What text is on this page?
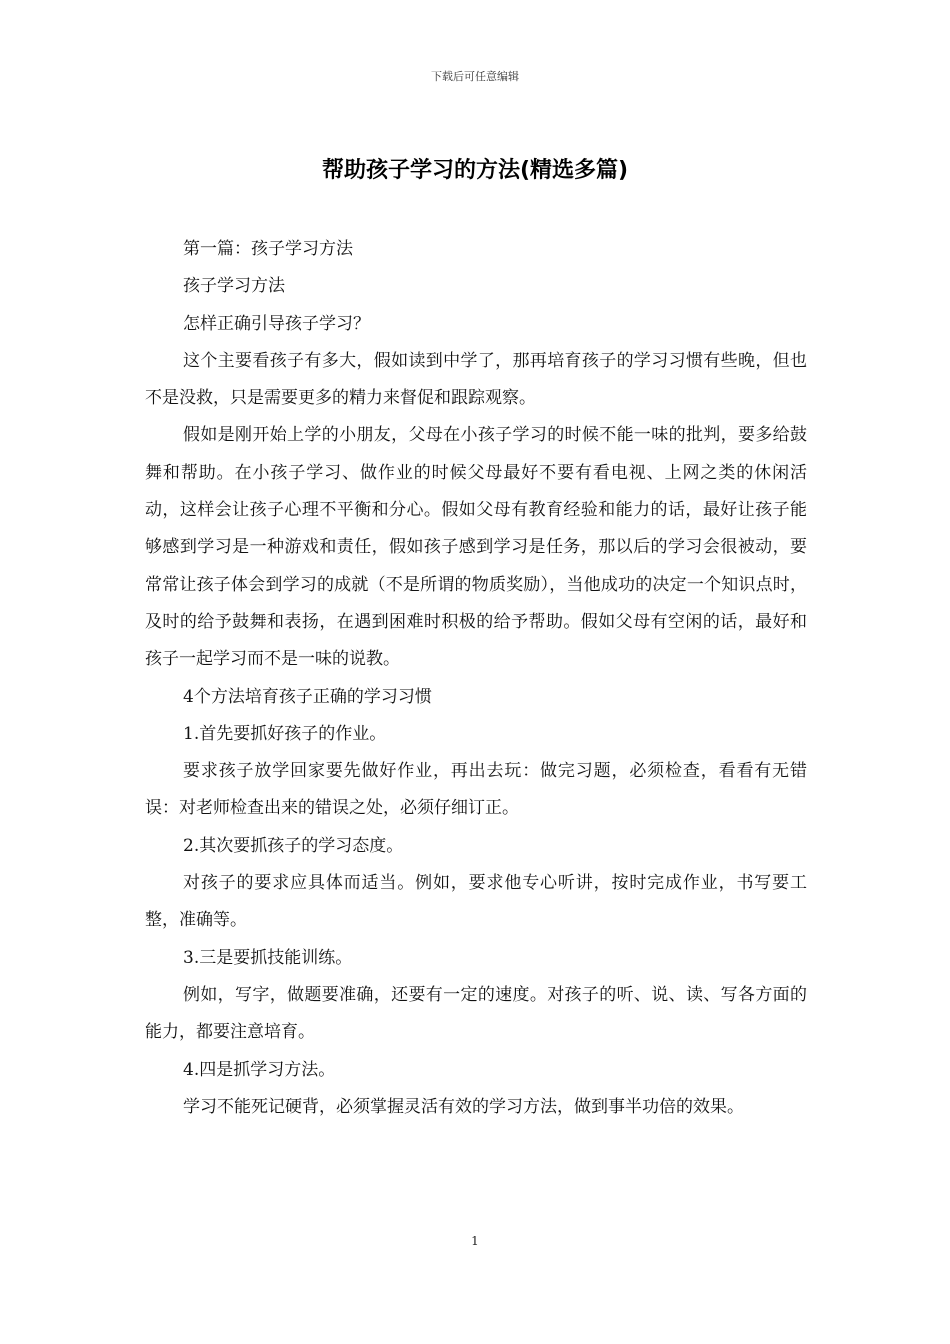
下载后可任意编辑
帮助孩子学习的方法(精选多篇)

第一篇：孩子学习方法

孩子学习方法

怎样正确引导孩子学习？

这个主要看孩子有多大，假如读到中学了，那再培育孩子的学习习惯有些晚，但也不是没救，只是需要更多的精力来督促和跟踪观察。

假如是刚开始上学的小朋友，父母在小孩子学习的时候不能一味的批判，要多给鼓舞和帮助。在小孩子学习、做作业的时候父母最好不要有看电视、上网之类的休闲活动，这样会让孩子心理不平衡和分心。假如父母有教育经验和能力的话，最好让孩子能够感到学习是一种游戏和责任，假如孩子感到学习是任务，那以后的学习会很被动，要常常让孩子体会到学习的成就（不是所谓的物质奖励），当他成功的决定一个知识点时，及时的给予鼓舞和表扬，在遇到困难时积极的给予帮助。假如父母有空闲的话，最好和孩子一起学习而不是一味的说教。

4个方法培育孩子正确的学习习惯

1.首先要抓好孩子的作业。

要求孩子放学回家要先做好作业，再出去玩：做完习题，必须检查，看看有无错误：对老师检查出来的错误之处，必须仔细订正。

2.其次要抓孩子的学习态度。

对孩子的要求应具体而适当。例如，要求他专心听讲，按时完成作业，书写要工整，准确等。

3.三是要抓技能训练。

例如，写字，做题要准确，还要有一定的速度。对孩子的听、说、读、写各方面的能力，都要注意培育。

4.四是抓学习方法。

学习不能死记硬背，必须掌握灵活有效的学习方法，做到事半功倍的效果。

1
